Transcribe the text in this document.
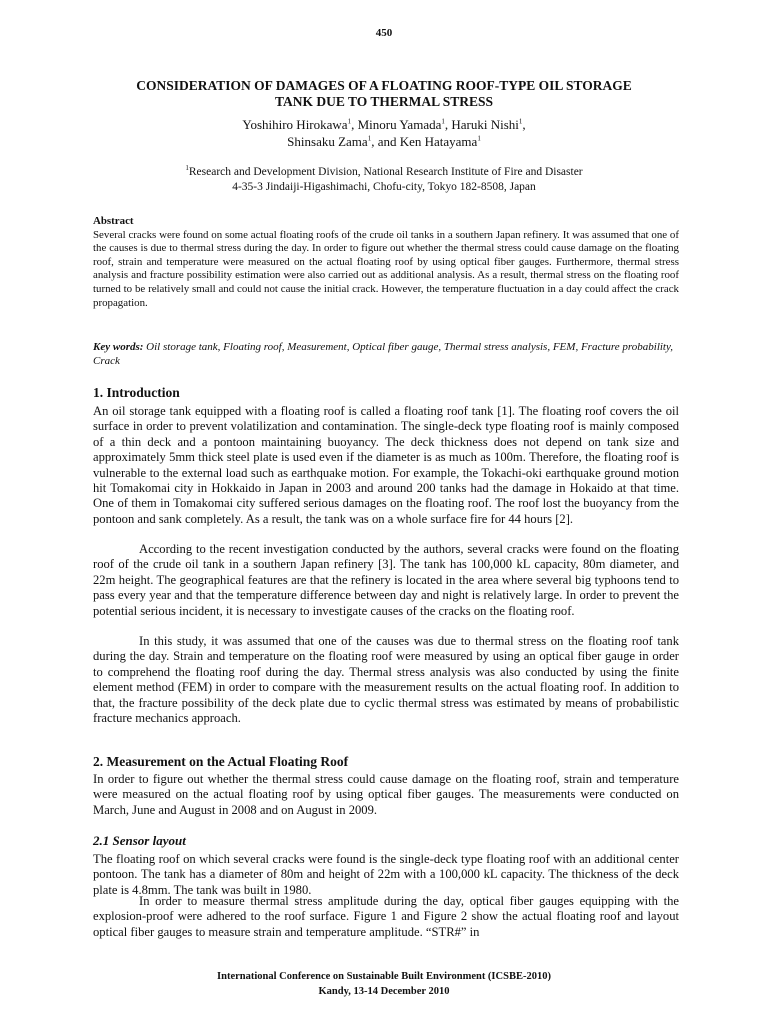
450
CONSIDERATION OF DAMAGES OF A FLOATING ROOF-TYPE OIL STORAGE
TANK DUE TO THERMAL STRESS
Yoshihiro Hirokawa$^1$, Minoru Yamada$^1$, Haruki Nishi$^1$,
Shinsaku Zama$^1$, and Ken Hatayama$^1$
$^1$Research and Development Division, National Research Institute of Fire and Disaster
4-35-3 Jindaiji-Higashimachi, Chofu-city, Tokyo 182-8508, Japan
Abstract
Several cracks were found on some actual floating roofs of the crude oil tanks in a southern Japan refinery. It was assumed that one of the causes is due to thermal stress during the day. In order to figure out whether the thermal stress could cause damage on the floating roof, strain and temperature were measured on the actual floating roof by using optical fiber gauges. Furthermore, thermal stress analysis and fracture possibility estimation were also carried out as additional analysis. As a result, thermal stress on the floating roof turned to be relatively small and could not cause the initial crack. However, the temperature fluctuation in a day could affect the crack propagation.
Key words: Oil storage tank, Floating roof, Measurement, Optical fiber gauge, Thermal stress analysis, FEM, Fracture probability, Crack
1. Introduction

An oil storage tank equipped with a floating roof is called a floating roof tank [1]. The floating roof covers the oil surface in order to prevent volatilization and contamination. The single-deck type floating roof is mainly composed of a thin deck and a pontoon maintaining buoyancy. The deck thickness does not depend on tank size and approximately 5mm thick steel plate is used even if the diameter is as much as 100m. Therefore, the floating roof is vulnerable to the external load such as earthquake motion. For example, the Tokachi-oki earthquake ground motion hit Tomakomai city in Hokkaido in Japan in 2003 and around 200 tanks had the damage in Hokaido at that time. One of them in Tomakomai city suffered serious damages on the floating roof. The roof lost the buoyancy from the pontoon and sank completely. As a result, the tank was on a whole surface fire for 44 hours [2].

According to the recent investigation conducted by the authors, several cracks were found on the floating roof of the crude oil tank in a southern Japan refinery [3]. The tank has 100,000 kL capacity, 80m diameter, and 22m height. The geographical features are that the refinery is located in the area where several big typhoons tend to pass every year and that the temperature difference between day and night is relatively large. In order to prevent the potential serious incident, it is necessary to investigate causes of the cracks on the floating roof.

In this study, it was assumed that one of the causes was due to thermal stress on the floating roof tank during the day. Strain and temperature on the floating roof were measured by using an optical fiber gauge in order to comprehend the floating roof during the day. Thermal stress analysis was also conducted by using the finite element method (FEM) in order to compare with the measurement results on the actual floating roof. In addition to that, the fracture possibility of the deck plate due to cyclic thermal stress was estimated by means of probabilistic fracture mechanics approach.

2. Measurement on the Actual Floating Roof

In order to figure out whether the thermal stress could cause damage on the floating roof, strain and temperature were measured on the actual floating roof by using optical fiber gauges. The measurements were conducted on March, June and August in 2008 and on August in 2009.

2.1 Sensor layout

The floating roof on which several cracks were found is the single-deck type floating roof with an additional center pontoon. The tank has a diameter of 80m and height of 22m with a 100,000 kL capacity. The thickness of the deck plate is 4.8mm. The tank was built in 1980.

In order to measure thermal stress amplitude during the day, optical fiber gauges equipping with the explosion-proof were adhered to the roof surface. Figure 1 and Figure 2 show the actual floating roof and layout optical fiber gauges to measure strain and temperature amplitude. “STR#” in

International Conference on Sustainable Built Environment (ICSBE-2010)
Kandy, 13-14 December 2010
